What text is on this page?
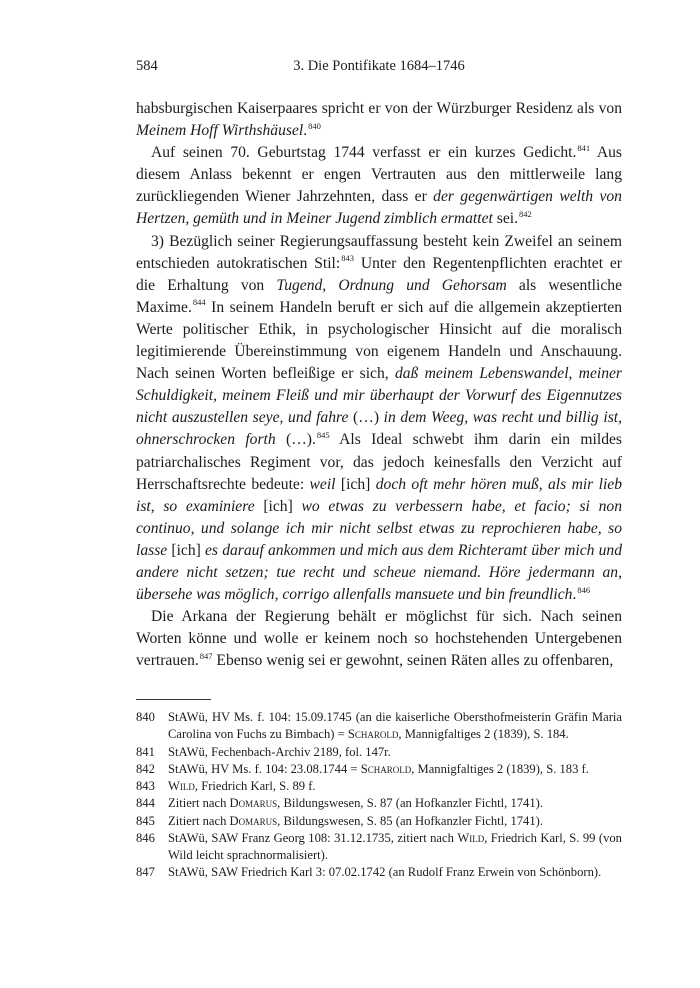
584	3. Die Pontifikate 1684–1746

habsburgischen Kaiserpaares spricht er von der Würzburger Residenz als von Meinem Hoff Wirthshäusel.$^{840}$

Auf seinen 70. Geburtstag 1744 verfasst er ein kurzes Gedicht.$^{841}$ Aus diesem Anlass bekennt er engen Vertrauten aus den mittlerweile lang zurückliegenden Wiener Jahrzehnten, dass er der gegenwärtigen welth von Hertzen, gemüth und in Meiner Jugend zimblich ermattet sei.$^{842}$

3) Bezüglich seiner Regierungsauffassung besteht kein Zweifel an seinem entschieden autokratischen Stil:$^{843}$ Unter den Regentenpflichten erachtet er die Erhaltung von Tugend, Ordnung und Gehorsam als wesentliche Maxime.$^{844}$ In seinem Handeln beruft er sich auf die allgemein akzeptierten Werte politischer Ethik, in psychologischer Hinsicht auf die moralisch legitimierende Übereinstimmung von eigenem Handeln und Anschauung. Nach seinen Worten befleißige er sich, daß meinem Lebenswandel, meiner Schuldigkeit, meinem Fleiß und mir überhaupt der Vorwurf des Eigennutzes nicht auszustellen seye, und fahre (…) in dem Weeg, was recht und billig ist, ohnerschrocken forth (…).$^{845}$ Als Ideal schwebt ihm darin ein mildes patriarchalisches Regiment vor, das jedoch keinesfalls den Verzicht auf Herrschaftsrechte bedeute: weil [ich] doch oft mehr hören muß, als mir lieb ist, so examiniere [ich] wo etwas zu verbessern habe, et facio; si non continuo, und solange ich mir nicht selbst etwas zu reprochieren habe, so lasse [ich] es darauf ankommen und mich aus dem Richteramt über mich und andere nicht setzen; tue recht und scheue niemand. Höre jedermann an, übersehe was möglich, corrigo allenfalls mansuete und bin freundlich.$^{846}$

Die Arkana der Regierung behält er möglichst für sich. Nach seinen Worten könne und wolle er keinem noch so hochstehenden Untergebenen vertrauen.$^{847}$ Ebenso wenig sei er gewohnt, seinen Räten alles zu offenbaren,

840 StAWü, HV Ms. f. 104: 15.09.1745 (an die kaiserliche Obersthofmeisterin Gräfin Maria Carolina von Fuchs zu Bimbach) = Scharold, Mannigfaltiges 2 (1839), S. 184.
841 StAWü, Fechenbach-Archiv 2189, fol. 147r.
842 StAWü, HV Ms. f. 104: 23.08.1744 = Scharold, Mannigfaltiges 2 (1839), S. 183 f.
843 Wild, Friedrich Karl, S. 89 f.
844 Zitiert nach Domarus, Bildungswesen, S. 87 (an Hofkanzler Fichtl, 1741).
845 Zitiert nach Domarus, Bildungswesen, S. 85 (an Hofkanzler Fichtl, 1741).
846 StAWü, SAW Franz Georg 108: 31.12.1735, zitiert nach Wild, Friedrich Karl, S. 99 (von Wild leicht sprachnormalisiert).
847 StAWü, SAW Friedrich Karl 3: 07.02.1742 (an Rudolf Franz Erwein von Schönborn).
